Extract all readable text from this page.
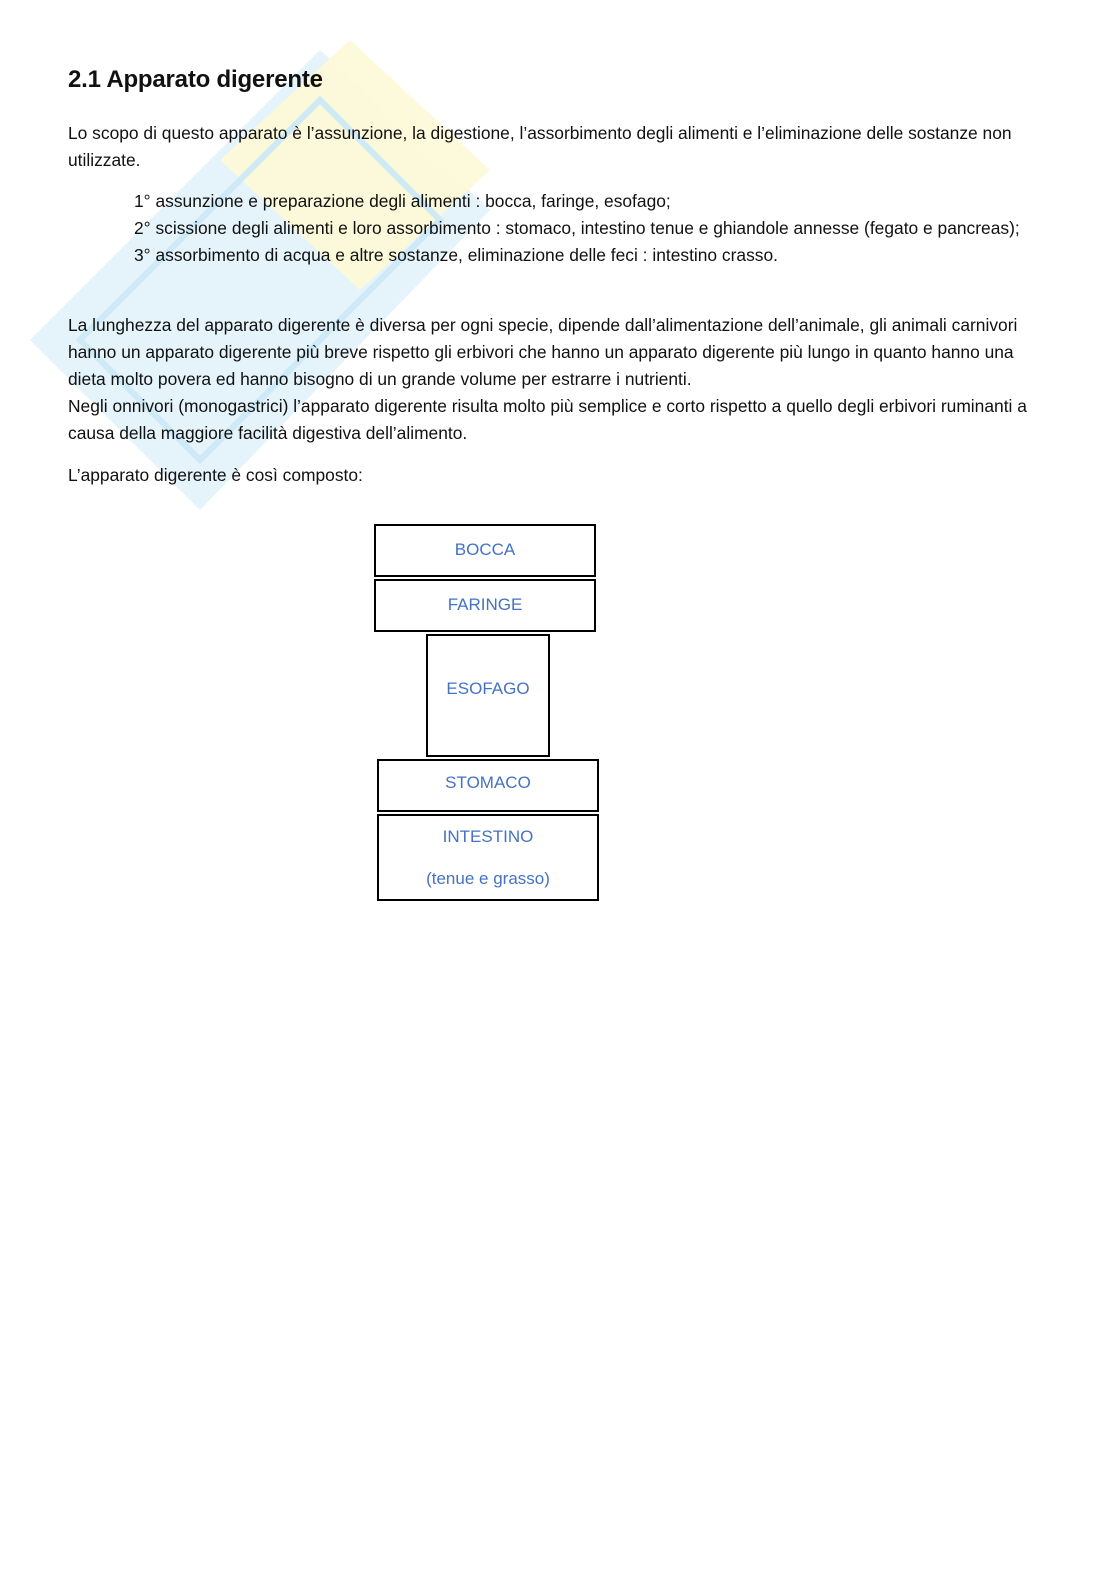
2.1 Apparato digerente

Lo scopo di questo apparato è l’assunzione, la digestione, l’assorbimento degli alimenti e l’eliminazione delle sostanze non utilizzate.

1° assunzione e preparazione degli alimenti : bocca, faringe, esofago;
2° scissione degli alimenti e loro assorbimento : stomaco, intestino tenue e ghiandole annesse (fegato e pancreas);
3° assorbimento di acqua e altre sostanze, eliminazione delle feci : intestino crasso.

La lunghezza del apparato digerente è diversa per ogni specie, dipende dall’alimentazione dell’animale, gli animali carnivori hanno un apparato digerente più breve rispetto gli erbivori che hanno un apparato digerente più lungo in quanto hanno una dieta molto povera ed hanno bisogno di un grande volume per estrarre i nutrienti.

Negli onnivori (monogastrici) l’apparato digerente risulta molto più semplice e corto rispetto a quello degli erbivori ruminanti a causa della maggiore facilità digestiva dell’alimento.

L’apparato digerente è così composto:

BOCCA
FARINGE
ESOFAGO
STOMACO
INTESTINO
(tenue e grasso)
